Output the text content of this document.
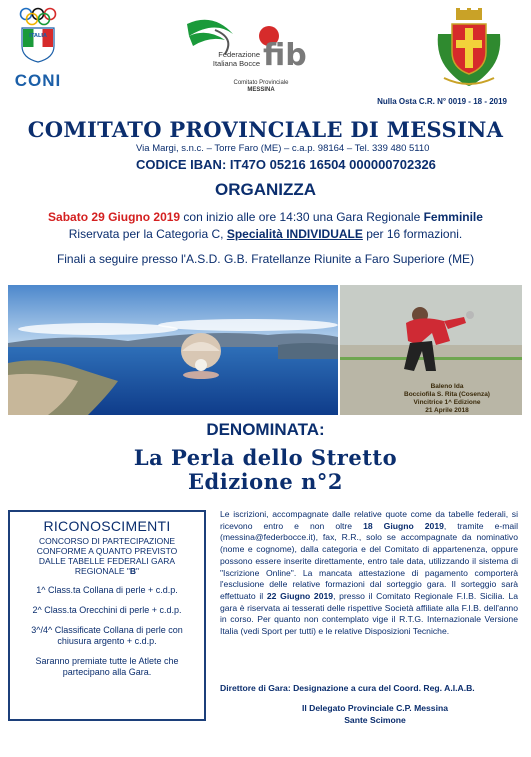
ITALIA
CONI
Federazione
Italiana Bocce fib
Comitato Provinciale
MESSINA
Nulla Osta C.R. N° 0019 - 18 - 2019
COMITATO PROVINCIALE DI MESSINA
Via Margi, s.n.c. – Torre Faro (ME) – c.a.p. 98164 – Tel. 339 480 5110
CODICE IBAN: IT47O 05216 16504 000000702326
ORGANIZZA
Sabato 29 Giugno 2019 con inizio alle ore 14:30 una Gara Regionale Femminile
Riservata per la Categoria C, Specialità INDIVIDUALE per 16 formazioni.
Finali a seguire presso l'A.S.D. G.B. Fratellanze Riunite a Faro Superiore (ME)
Baleno Ida
Bocciofila S. Rita (Cosenza)
Vincitrice 1^ Edizione
21 Aprile 2018
DENOMINATA:
La Perla dello Stretto
Edizione n°2
RICONOSCIMENTI
CONCORSO DI PARTECIPAZIONE
CONFORME A QUANTO PREVISTO
DALLE TABELLE FEDERALI GARA
REGIONALE "B"
1^ Class.ta Collana di perle + c.d.p.
2^ Class.ta Orecchini di perle + c.d.p.
3^/4^ Classificate Collana di perle con
chiusura argento + c.d.p.
Saranno premiate tutte le Atlete che
partecipano alla Gara.
Le iscrizioni, accompagnate dalle relative quote come da tabelle federali, si ricevono entro e non oltre 18 Giugno 2019, tramite e-mail (messina@federbocce.it), fax, R.R., solo se accompagnate da nominativo (nome e cognome), dalla categoria e del Comitato di appartenenza, oppure possono essere inserite direttamente, entro tale data, utilizzando il sistema di "Iscrizione Online". La mancata attestazione di pagamento comporterà l'esclusione delle relative formazioni dal sorteggio gara. Il sorteggio sarà effettuato il 22 Giugno 2019, presso il Comitato Regionale F.I.B. Sicilia. La gara è riservata ai tesserati delle rispettive Società affiliate alla F.I.B. dell'anno in corso. Per quanto non contemplato vige il R.T.G. Internazionale Versione Italia (vedi Sport per tutti) e le relative Disposizioni Tecniche.
Direttore di Gara: Designazione a cura del Coord. Reg. A.I.A.B.
Il Delegato Provinciale C.P. Messina
Sante Scimone
